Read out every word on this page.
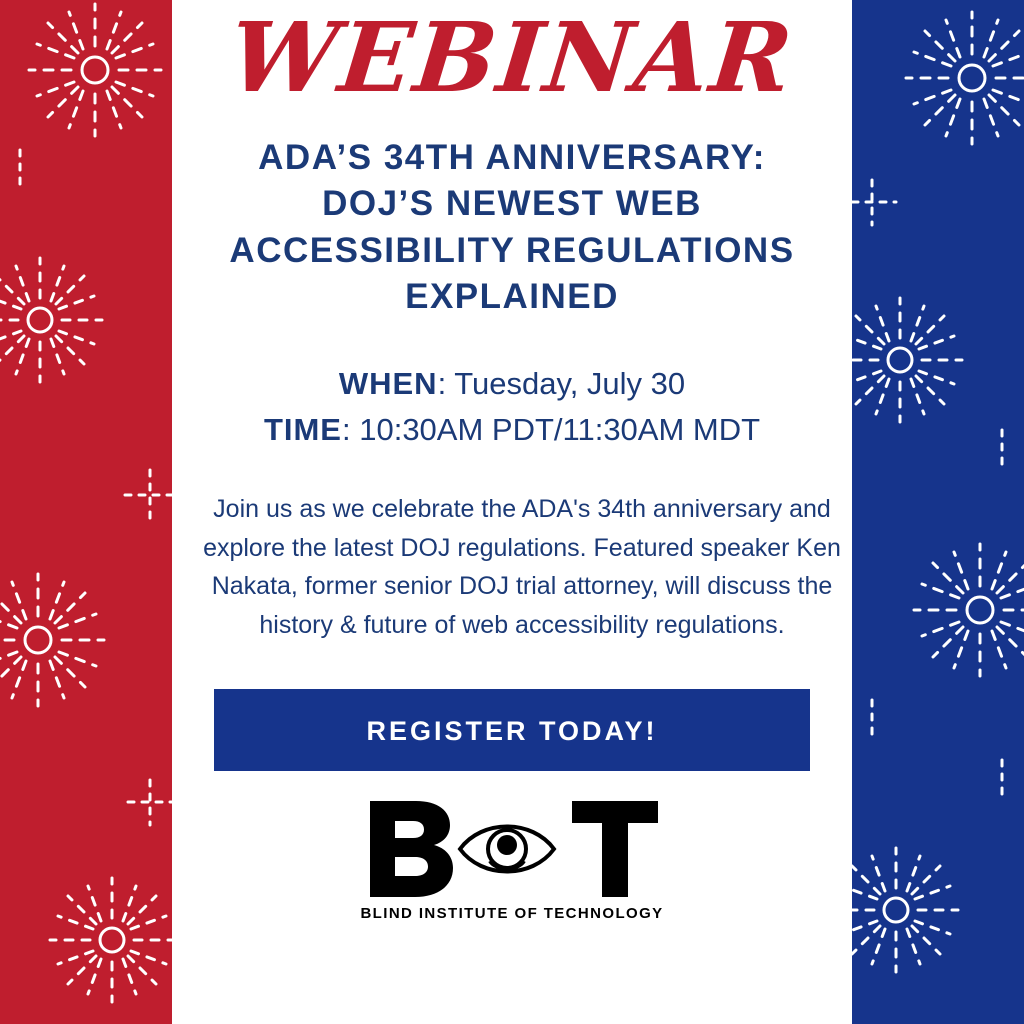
WEBINAR
ADA’S 34TH ANNIVERSARY: DOJ’S NEWEST WEB ACCESSIBILITY REGULATIONS EXPLAINED
WHEN: Tuesday, July 30
TIME: 10:30AM PDT/11:30AM MDT

Join us as we celebrate the ADA's 34th anniversary and explore the latest DOJ regulations. Featured speaker Ken Nakata, former senior DOJ trial attorney, will discuss the history & future of web accessibility regulations.

REGISTER TODAY!
BLIND INSTITUTE OF TECHNOLOGY
